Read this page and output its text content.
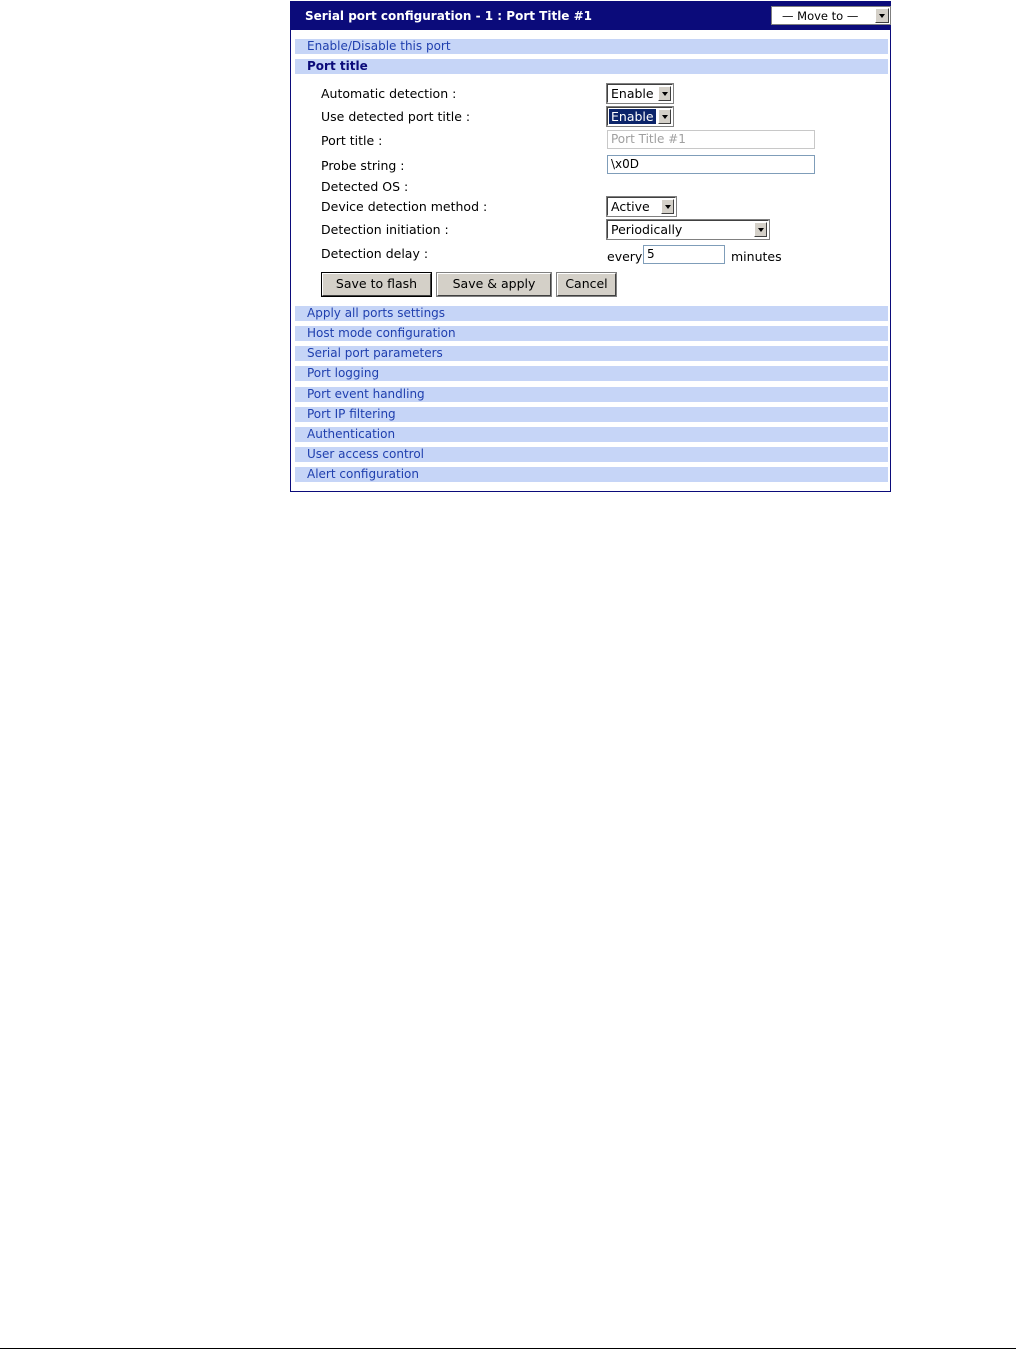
Serial port configuration - 1 : Port Title #1	— Move to —
Enable/Disable this port
Port title
Automatic detection :	Enable
Use detected port title :	Enable
Port title :	Port Title #1
Probe string :	\x0D
Detected OS :
Device detection method :	Active
Detection initiation :	Periodically
Detection delay :	every 5	minutes
Save to flash	Save & apply	Cancel
Apply all ports settings
Host mode configuration
Serial port parameters
Port logging
Port event handling
Port IP filtering
Authentication
User access control
Alert configuration
